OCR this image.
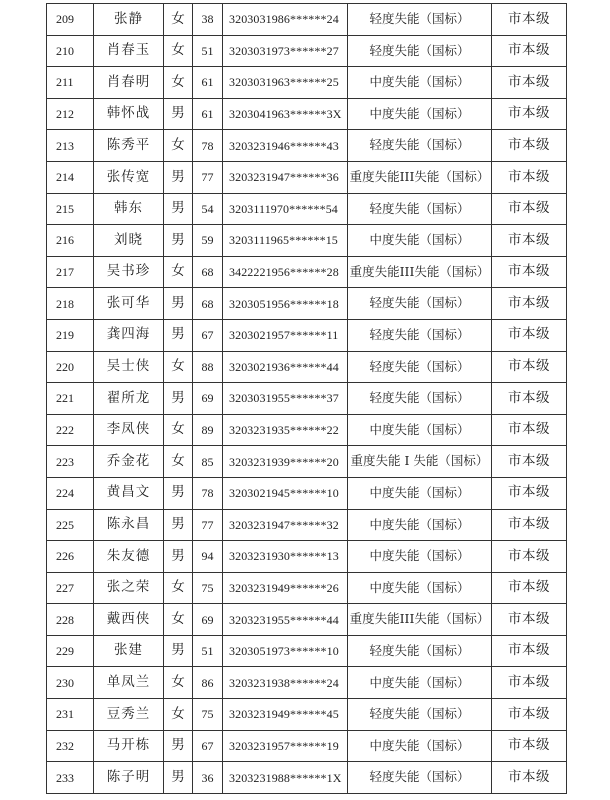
209	张静	女	38	3203031986******24	轻度失能（国标）	市本级
210	肖春玉	女	51	3203031973******27	轻度失能（国标）	市本级
211	肖春明	女	61	3203031963******25	中度失能（国标）	市本级
212	韩怀战	男	61	3203041963******3X	中度失能（国标）	市本级
213	陈秀平	女	78	3203231946******43	轻度失能（国标）	市本级
214	张传宽	男	77	3203231947******36	重度失能III失能（国标）	市本级
215	韩东	男	54	3203111970******54	轻度失能（国标）	市本级
216	刘晓	男	59	3203111965******15	中度失能（国标）	市本级
217	吴书珍	女	68	3422221956******28	重度失能III失能（国标）	市本级
218	张可华	男	68	3203051956******18	轻度失能（国标）	市本级
219	龚四海	男	67	3203021957******11	轻度失能（国标）	市本级
220	吴士侠	女	88	3203021936******44	轻度失能（国标）	市本级
221	翟所龙	男	69	3203031955******37	轻度失能（国标）	市本级
222	李凤侠	女	89	3203231935******22	中度失能（国标）	市本级
223	乔金花	女	85	3203231939******20	重度失能 I 失能（国标）	市本级
224	黄昌文	男	78	3203021945******10	中度失能（国标）	市本级
225	陈永昌	男	77	3203231947******32	中度失能（国标）	市本级
226	朱友德	男	94	3203231930******13	中度失能（国标）	市本级
227	张之荣	女	75	3203231949******26	中度失能（国标）	市本级
228	戴西侠	女	69	3203231955******44	重度失能III失能（国标）	市本级
229	张建	男	51	3203051973******10	轻度失能（国标）	市本级
230	单凤兰	女	86	3203231938******24	中度失能（国标）	市本级
231	豆秀兰	女	75	3203231949******45	轻度失能（国标）	市本级
232	马开栋	男	67	3203231957******19	中度失能（国标）	市本级
233	陈子明	男	36	3203231988******1X	轻度失能（国标）	市本级
